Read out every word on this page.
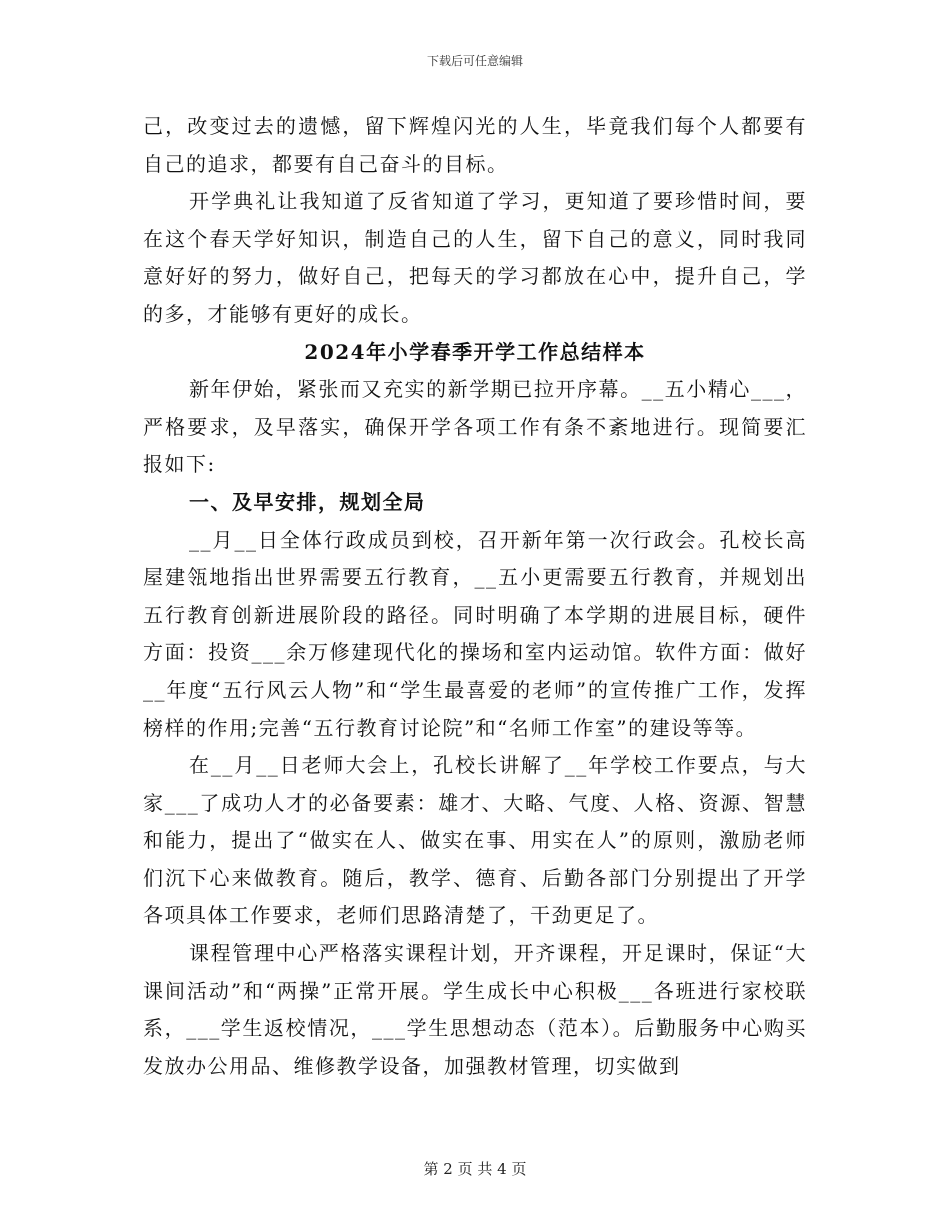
下载后可任意编辑

己，改变过去的遗憾，留下辉煌闪光的人生，毕竟我们每个人都要有自己的追求，都要有自己奋斗的目标。

开学典礼让我知道了反省知道了学习，更知道了要珍惜时间，要在这个春天学好知识，制造自己的人生，留下自己的意义，同时我同意好好的努力，做好自己，把每天的学习都放在心中，提升自己，学的多，才能够有更好的成长。

2024年小学春季开学工作总结样本

新年伊始，紧张而又充实的新学期已拉开序幕。__五小精心___，严格要求，及早落实，确保开学各项工作有条不紊地进行。现简要汇报如下:

一、及早安排，规划全局

__月__日全体行政成员到校，召开新年第一次行政会。孔校长高屋建瓴地指出世界需要五行教育，__五小更需要五行教育，并规划出五行教育创新进展阶段的路径。同时明确了本学期的进展目标，硬件方面：投资___余万修建现代化的操场和室内运动馆。软件方面：做好__年度“五行风云人物”和“学生最喜爱的老师”的宣传推广工作，发挥榜样的作用;完善“五行教育讨论院”和“名师工作室”的建设等等。

在__月__日老师大会上，孔校长讲解了__年学校工作要点，与大家___了成功人才的必备要素：雄才、大略、气度、人格、资源、智慧和能力，提出了“做实在人、做实在事、用实在人”的原则，激励老师们沉下心来做教育。随后，教学、德育、后勤各部门分别提出了开学各项具体工作要求，老师们思路清楚了，干劲更足了。

课程管理中心严格落实课程计划，开齐课程，开足课时，保证“大课间活动”和“两操”正常开展。学生成长中心积极___各班进行家校联系，___学生返校情况，___学生思想动态（范本）。后勤服务中心购买发放办公用品、维修教学设备，加强教材管理，切实做到

第 2 页 共 4 页
